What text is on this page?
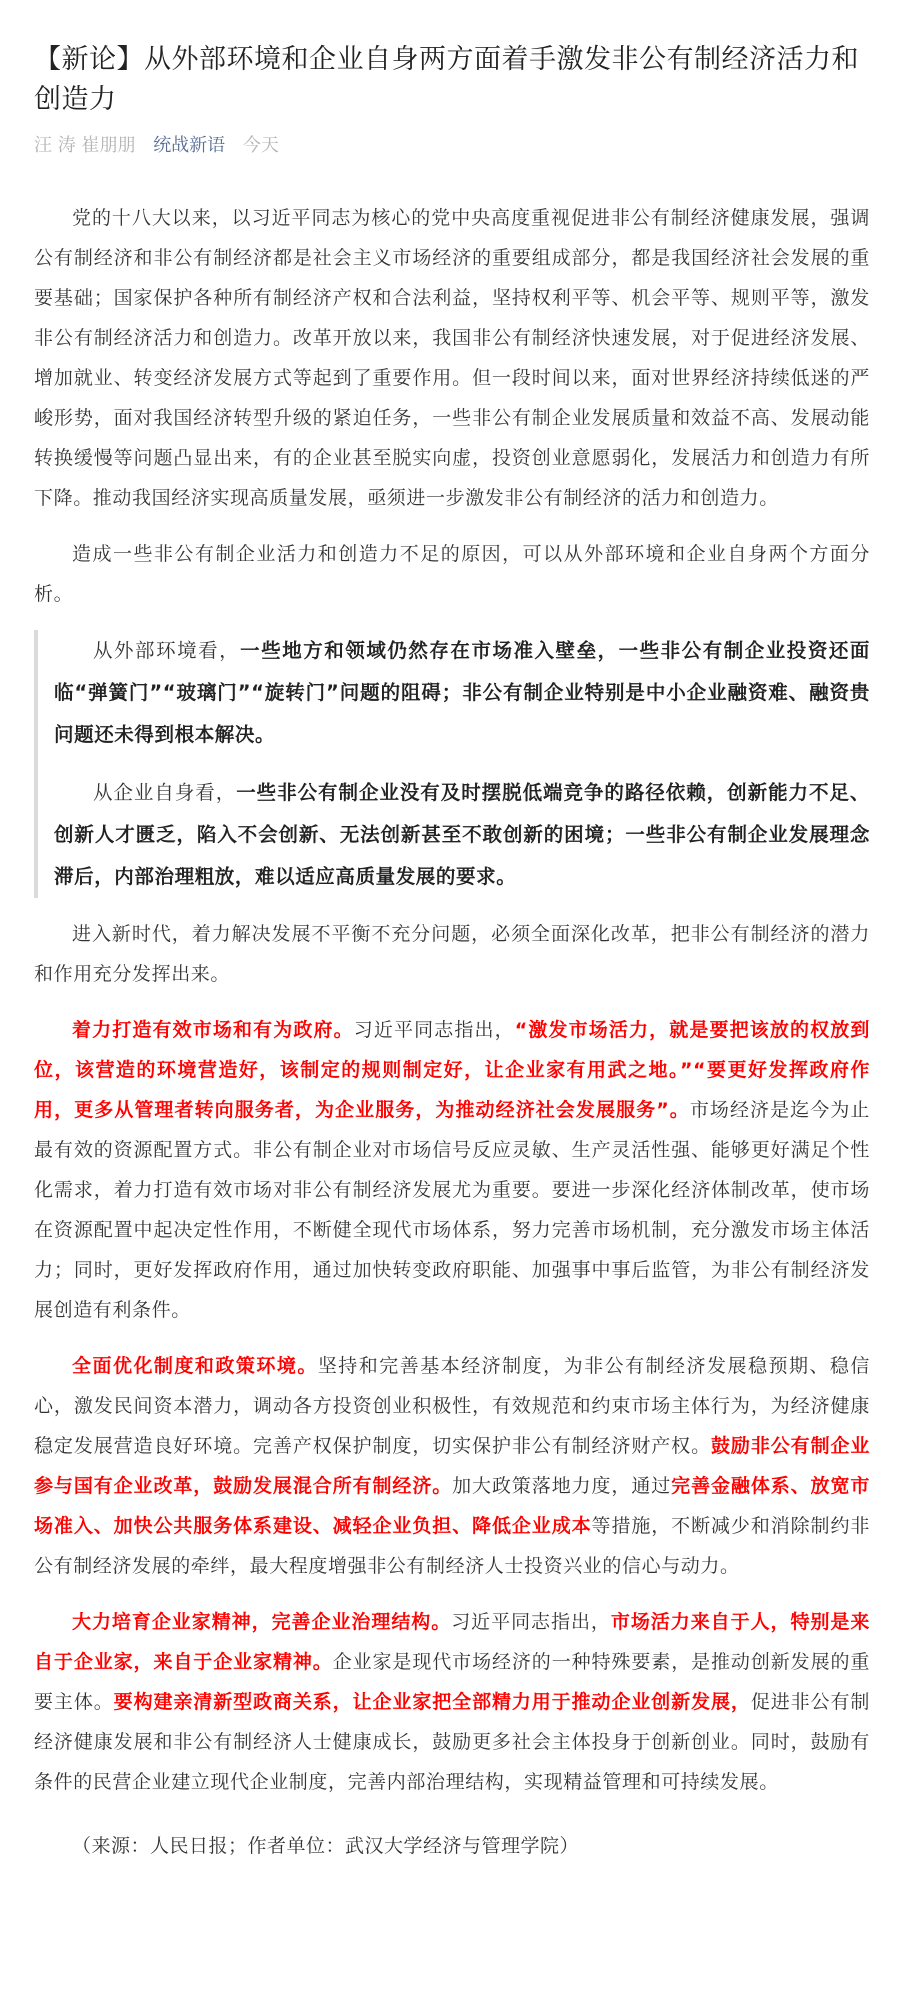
【新论】从外部环境和企业自身两方面着手激发非公有制经济活力和创造力
汪 涛 崔朋朋 统战新语 今天

党的十八大以来，以习近平同志为核心的党中央高度重视促进非公有制经济健康发展，强调公有制经济和非公有制经济都是社会主义市场经济的重要组成部分，都是我国经济社会发展的重要基础；国家保护各种所有制经济产权和合法利益，坚持权利平等、机会平等、规则平等，激发非公有制经济活力和创造力。改革开放以来，我国非公有制经济快速发展，对于促进经济发展、增加就业、转变经济发展方式等起到了重要作用。但一段时间以来，面对世界经济持续低迷的严峻形势，面对我国经济转型升级的紧迫任务，一些非公有制企业发展质量和效益不高、发展动能转换缓慢等问题凸显出来，有的企业甚至脱实向虚，投资创业意愿弱化，发展活力和创造力有所下降。推动我国经济实现高质量发展，亟须进一步激发非公有制经济的活力和创造力。

造成一些非公有制企业活力和创造力不足的原因，可以从外部环境和企业自身两个方面分析。

从外部环境看，一些地方和领域仍然存在市场准入壁垒，一些非公有制企业投资还面临“弹簧门”“玻璃门”“旋转门”问题的阻碍；非公有制企业特别是中小企业融资难、融资贵问题还未得到根本解决。

从企业自身看，一些非公有制企业没有及时摆脱低端竞争的路径依赖，创新能力不足、创新人才匮乏，陷入不会创新、无法创新甚至不敢创新的困境；一些非公有制企业发展理念滞后，内部治理粗放，难以适应高质量发展的要求。

进入新时代，着力解决发展不平衡不充分问题，必须全面深化改革，把非公有制经济的潜力和作用充分发挥出来。

着力打造有效市场和有为政府。习近平同志指出，“激发市场活力，就是要把该放的权放到位，该营造的环境营造好，该制定的规则制定好，让企业家有用武之地。”“要更好发挥政府作用，更多从管理者转向服务者，为企业服务，为推动经济社会发展服务”。市场经济是迄今为止最有效的资源配置方式。非公有制企业对市场信号反应灵敏、生产灵活性强、能够更好满足个性化需求，着力打造有效市场对非公有制经济发展尤为重要。要进一步深化经济体制改革，使市场在资源配置中起决定性作用，不断健全现代市场体系，努力完善市场机制，充分激发市场主体活力；同时，更好发挥政府作用，通过加快转变政府职能、加强事中事后监管，为非公有制经济发展创造有利条件。

全面优化制度和政策环境。坚持和完善基本经济制度，为非公有制经济发展稳预期、稳信心，激发民间资本潜力，调动各方投资创业积极性，有效规范和约束市场主体行为，为经济健康稳定发展营造良好环境。完善产权保护制度，切实保护非公有制经济财产权。鼓励非公有制企业参与国有企业改革，鼓励发展混合所有制经济。加大政策落地力度，通过完善金融体系、放宽市场准入、加快公共服务体系建设、减轻企业负担、降低企业成本等措施，不断减少和消除制约非公有制经济发展的牵绊，最大程度增强非公有制经济人士投资兴业的信心与动力。

大力培育企业家精神，完善企业治理结构。习近平同志指出，市场活力来自于人，特别是来自于企业家，来自于企业家精神。企业家是现代市场经济的一种特殊要素，是推动创新发展的重要主体。要构建亲清新型政商关系，让企业家把全部精力用于推动企业创新发展，促进非公有制经济健康发展和非公有制经济人士健康成长，鼓励更多社会主体投身于创新创业。同时，鼓励有条件的民营企业建立现代企业制度，完善内部治理结构，实现精益管理和可持续发展。

（来源：人民日报；作者单位：武汉大学经济与管理学院）
